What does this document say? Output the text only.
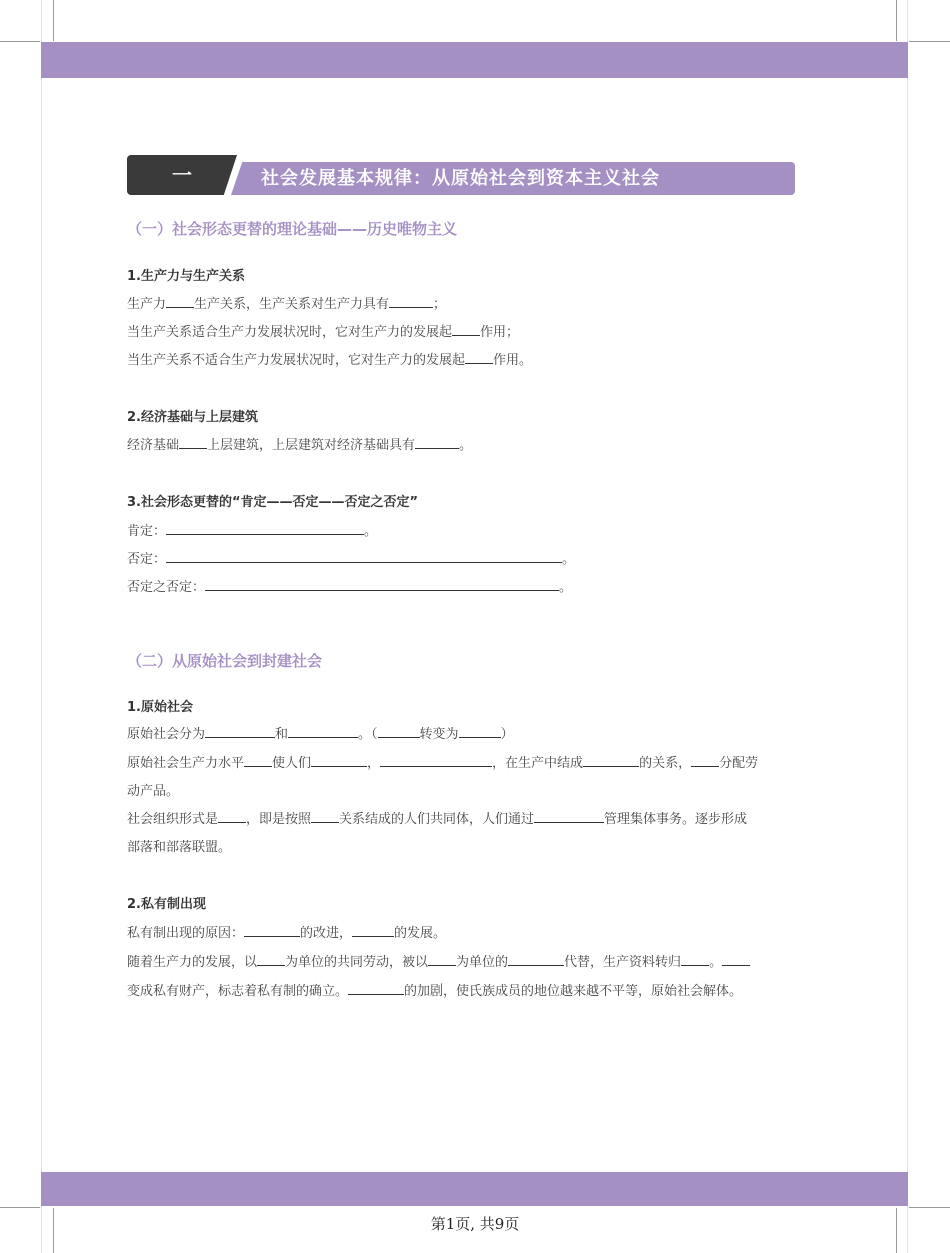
一	社会发展基本规律：从原始社会到资本主义社会
（一）社会形态更替的理论基础——历史唯物主义
1.生产力与生产关系
生产力 生产关系，生产关系对生产力具有	；
当生产关系适合生产力发展状况时，它对生产力的发展起 作用；
当生产关系不适合生产力发展状况时，它对生产力的发展起 作用。
2.经济基础与上层建筑
经济基础 上层建筑，上层建筑对经济基础具有	。
3.社会形态更替的“肯定——否定——否定之否定”
肯定：	。
否定：	。
否定之否定：	。
（二）从原始社会到封建社会
1.原始社会
原始社会分为	和	。（	转变为	）
原始社会生产力水平 使人们	，	，在生产中结成	的关系， 分配劳
动产品。
社会组织形式是 ，即是按照 关系结成的人们共同体，人们通过	管理集体事务。逐步形成
部落和部落联盟。
2.私有制出现
私有制出现的原因：	的改进，	的发展。
随着生产力的发展，以 为单位的共同劳动，被以 为单位的	代替，生产资料转归 。
变成私有财产，标志着私有制的确立。	的加剧，使氏族成员的地位越来越不平等，原始社会解体。
第1页, 共9页
